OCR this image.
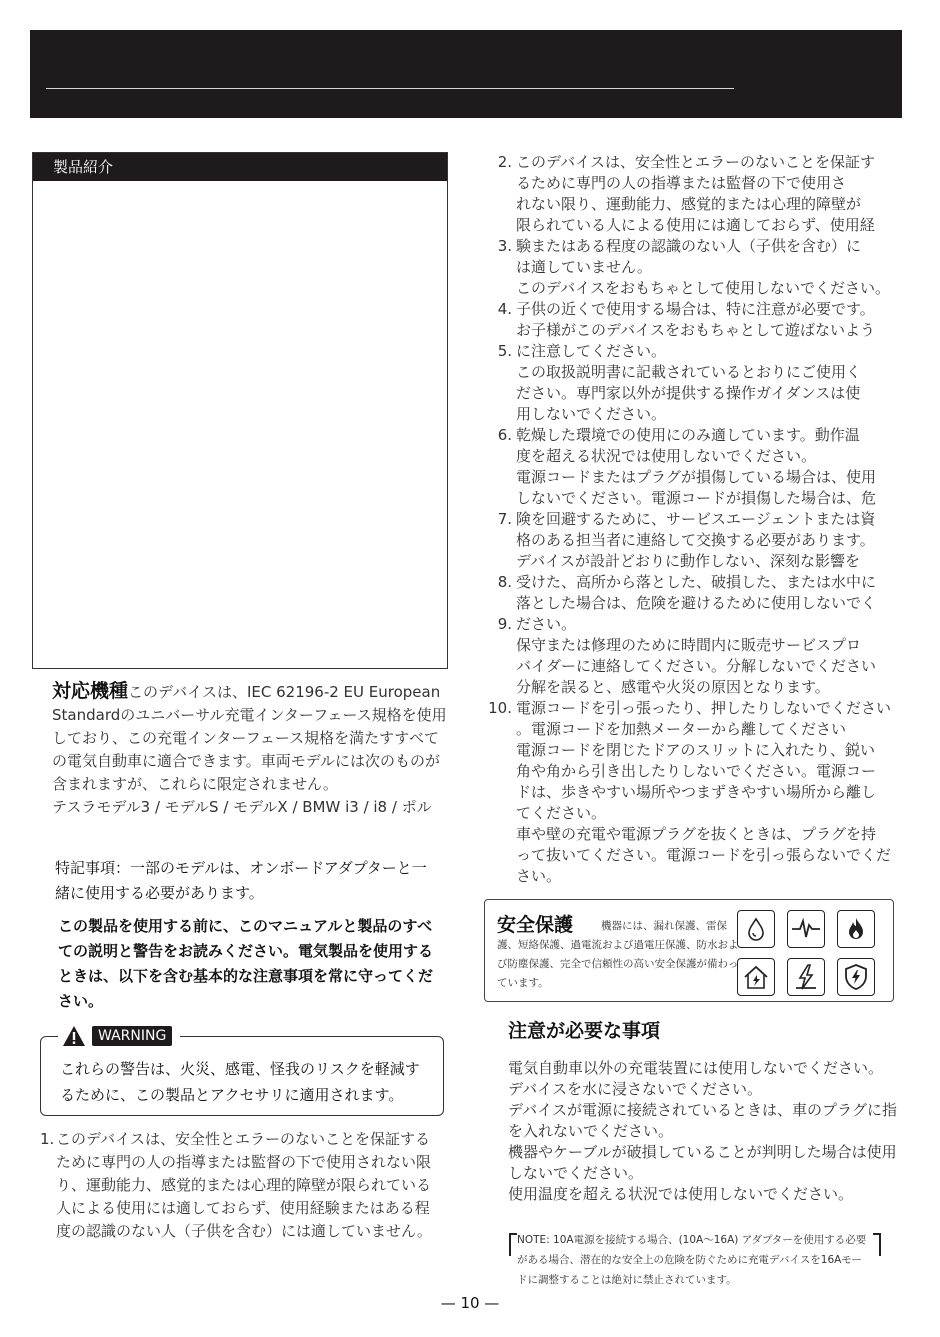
製品紹介
対応機種このデバイスは、IEC 62196-2 EU European Standardのユニバーサル充電インターフェース規格を使用しており、この充電インターフェース規格を満たすすべての電気自動車に適合できます。車両モデルには次のものが含まれますが、これらに限定されません。
テスラモデル3 / モデルS / モデルX / BMW i3 / i8 / ポル
特記事項：一部のモデルは、オンボードアダプターと一緒に使用する必要があります。
この製品を使用する前に、このマニュアルと製品のすべての説明と警告をお読みください。電気製品を使用するときは、以下を含む基本的な注意事項を常に守ってください。
WARNING
これらの警告は、火災、感電、怪我のリスクを軽減するために、この製品とアクセサリに適用されます。
1. このデバイスは、安全性とエラーのないことを保証するために専門の人の指導または監督の下で使用されない限り、運動能力、感覚的または心理的障壁が限られている人による使用には適しておらず、使用経験またはある程度の認識のない人（子供を含む）には適していません。
2. このデバイスは、安全性とエラーのないことを保証す
るために専門の人の指導または監督の下で使用さ
れない限り、運動能力、感覚的または心理的障壁が
限られている人による使用には適しておらず、使用経
3. 験またはある程度の認識のない人（子供を含む）に
は適していません。
このデバイスをおもちゃとして使用しないでください。
4. 子供の近くで使用する場合は、特に注意が必要です。
お子様がこのデバイスをおもちゃとして遊ばないよう
5. に注意してください。
この取扱説明書に記載されているとおりにご使用く
ださい。専門家以外が提供する操作ガイダンスは使
用しないでください。
6. 乾燥した環境での使用にのみ適しています。動作温
度を超える状況では使用しないでください。
電源コードまたはプラグが損傷している場合は、使用
しないでください。電源コードが損傷した場合は、危
7. 険を回避するために、サービスエージェントまたは資
格のある担当者に連絡して交換する必要があります。
デバイスが設計どおりに動作しない、深刻な影響を
8. 受けた、高所から落とした、破損した、または水中に
落とした場合は、危険を避けるために使用しないでく
9. ださい。
保守または修理のために時間内に販売サービスプロ
バイダーに連絡してください。分解しないでください
分解を誤ると、感電や火災の原因となります。
10. 電源コードを引っ張ったり、押したりしないでください
。電源コードを加熱メーターから離してください
電源コードを閉じたドアのスリットに入れたり、鋭い
角や角から引き出したりしないでください。電源コー
ドは、歩きやすい場所やつまずきやすい場所から離し
てください。
車や壁の充電や電源プラグを抜くときは、プラグを持
って抜いてください。電源コードを引っ張らないでくだ
さい。
安全保護	機器には、漏れ保護、雷保護、短絡保護、過電流および過電圧保護、防水および防塵保護、完全で信頼性の高い安全保護が備わっています。
注意が必要な事項
電気自動車以外の充電装置には使用しないでください。
デバイスを水に浸さないでください。
デバイスが電源に接続されているときは、車のプラグに指を入れないでください。
機器やケーブルが破損していることが判明した場合は使用しないでください。
使用温度を超える状況では使用しないでください。
NOTE: 10A電源を接続する場合、(10A〜16A) アダプターを使用する必要がある場合、潜在的な安全上の危険を防ぐために充電デバイスを16Aモードに調整することは絶対に禁止されています。
— 10 —
